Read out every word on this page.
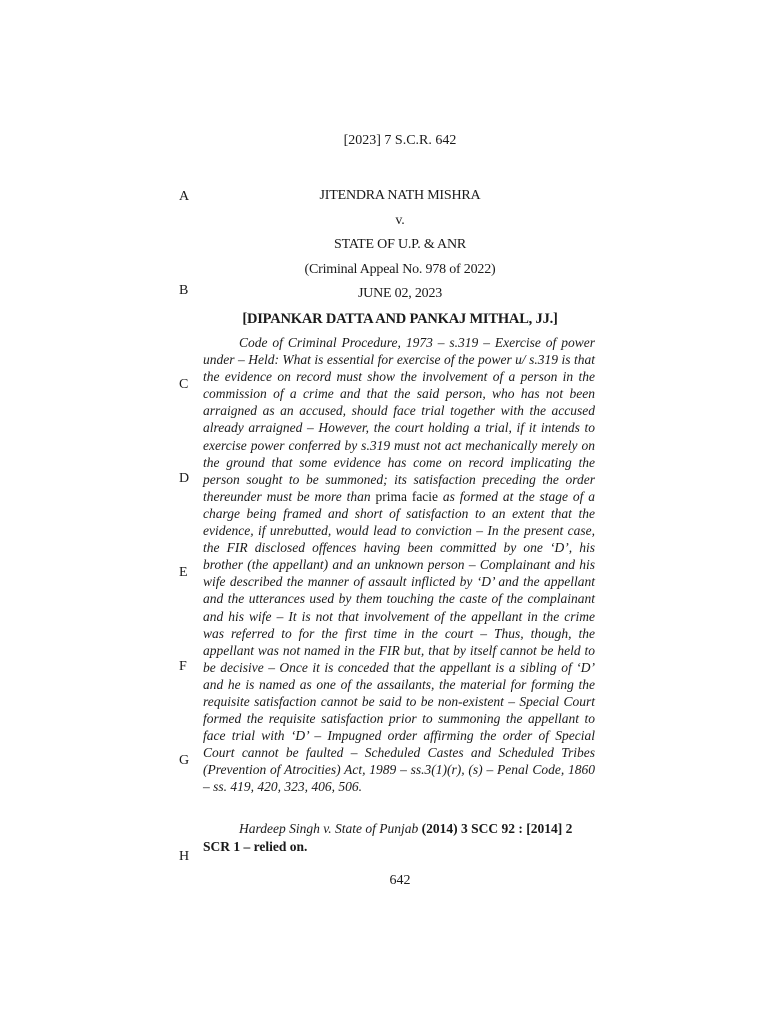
[2023] 7 S.C.R. 642
JITENDRA NATH MISHRA
v.
STATE OF U.P. & ANR
(Criminal Appeal No. 978 of 2022)
JUNE 02, 2023
[DIPANKAR DATTA AND PANKAJ MITHAL, JJ.]
A
B
C
D
E
F
G
H
Code of Criminal Procedure, 1973 – s.319 – Exercise of power under – Held: What is essential for exercise of the power u/ s.319 is that the evidence on record must show the involvement of a person in the commission of a crime and that the said person, who has not been arraigned as an accused, should face trial together with the accused already arraigned – However, the court holding a trial, if it intends to exercise power conferred by s.319 must not act mechanically merely on the ground that some evidence has come on record implicating the person sought to be summoned; its satisfaction preceding the order thereunder must be more than prima facie as formed at the stage of a charge being framed and short of satisfaction to an extent that the evidence, if unrebutted, would lead to conviction – In the present case, the FIR disclosed offences having been committed by one ‘D’, his brother (the appellant) and an unknown person – Complainant and his wife described the manner of assault inflicted by ‘D’ and the appellant and the utterances used by them touching the caste of the complainant and his wife – It is not that involvement of the appellant in the crime was referred to for the first time in the court – Thus, though, the appellant was not named in the FIR but, that by itself cannot be held to be decisive – Once it is conceded that the appellant is a sibling of ‘D’ and he is named as one of the assailants, the material for forming the requisite satisfaction cannot be said to be non-existent – Special Court formed the requisite satisfaction prior to summoning the appellant to face trial with ‘D’ – Impugned order affirming the order of Special Court cannot be faulted – Scheduled Castes and Scheduled Tribes (Prevention of Atrocities) Act, 1989 – ss.3(1)(r), (s) – Penal Code, 1860 – ss. 419, 420, 323, 406, 506.
Hardeep Singh v. State of Punjab (2014) 3 SCC 92 : [2014] 2 SCR 1 – relied on.
642
